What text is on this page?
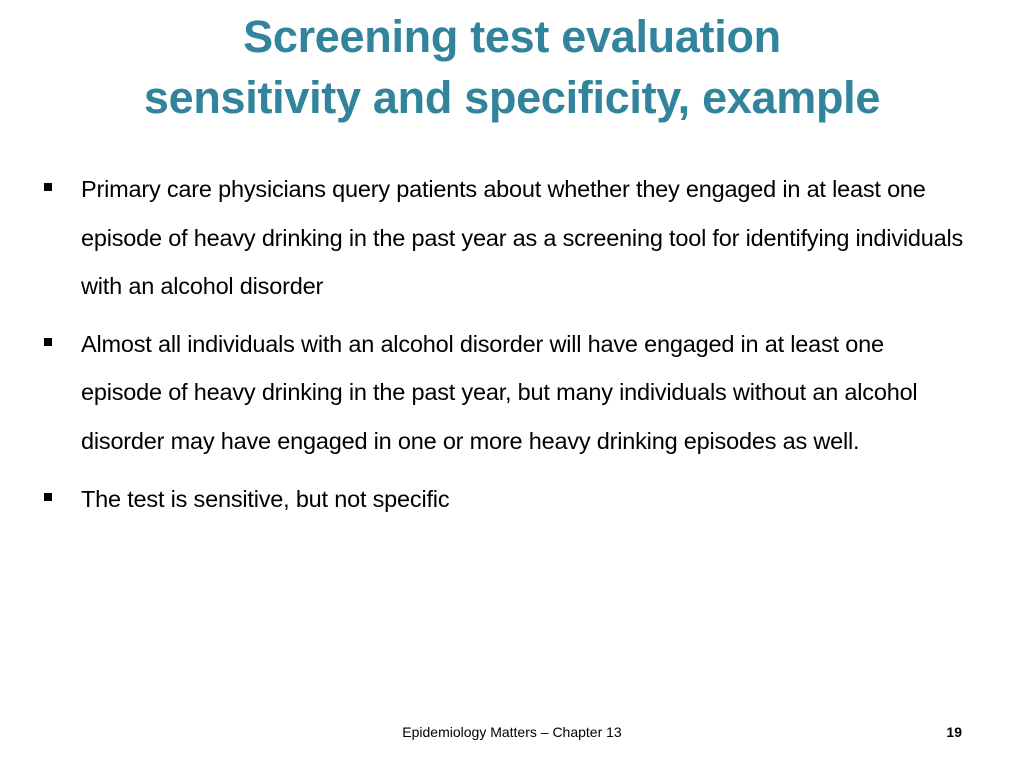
Screening test evaluation
sensitivity and specificity, example
Primary care physicians query patients about whether they engaged in at least one episode of heavy drinking in the past year as a screening tool for identifying individuals with an alcohol disorder
Almost all individuals with an alcohol disorder will have engaged in at least one episode of heavy drinking in the past year, but many individuals without an alcohol disorder may have engaged in one or more heavy drinking episodes as well.
The test is sensitive, but not specific
Epidemiology Matters – Chapter 13	19
